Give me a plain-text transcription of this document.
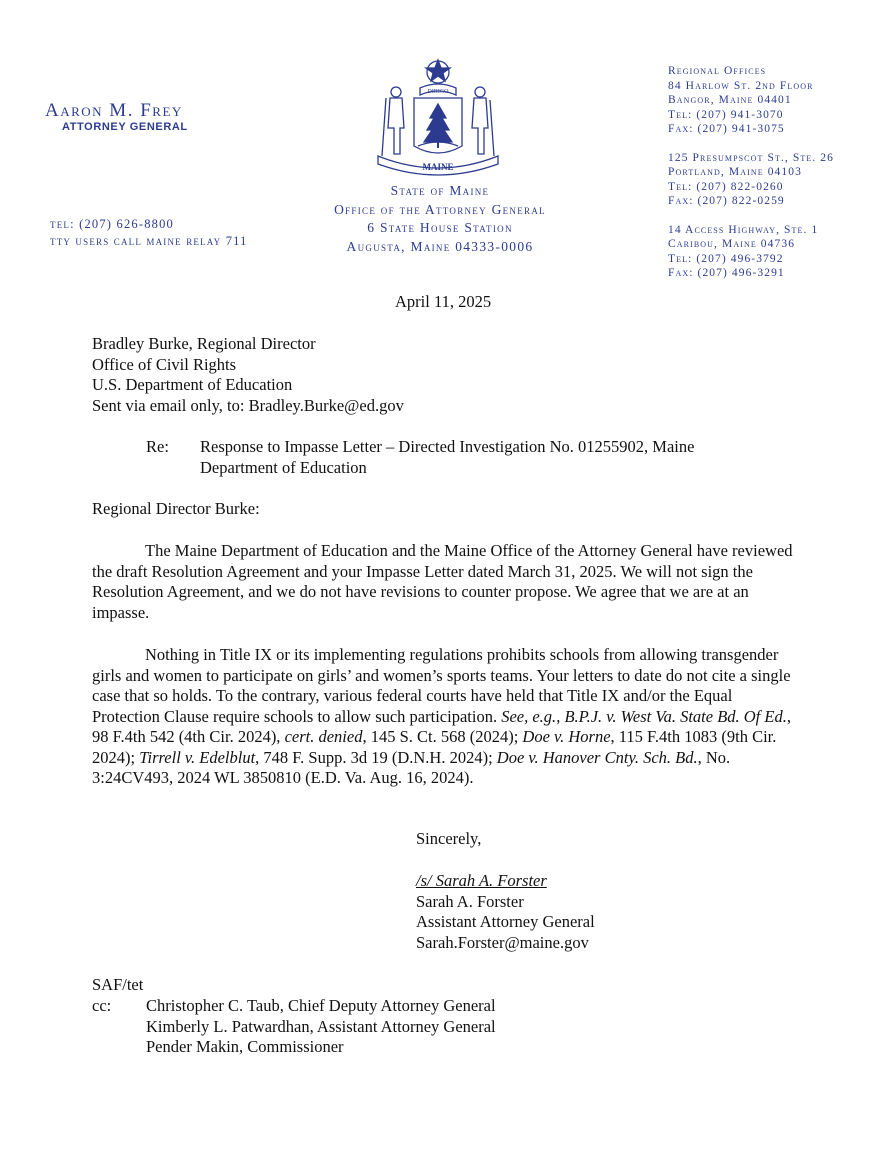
Aaron M. Frey
ATTORNEY GENERAL
tel: (207) 626-8800
tty users call maine relay 711
DIRIGO
MAINE
State of Maine
Office of the Attorney General
6 State House Station
Augusta, Maine 04333-0006
Regional Offices
84 Harlow St. 2nd Floor
Bangor, Maine 04401
Tel: (207) 941-3070
Fax: (207) 941-3075
125 Presumpscot St., Ste. 26
Portland, Maine 04103
Tel: (207) 822-0260
Fax: (207) 822-0259
14 Access Highway, Ste. 1
Caribou, Maine 04736
Tel: (207) 496-3792
Fax: (207) 496-3291
April 11, 2025
Bradley Burke, Regional Director
Office of Civil Rights
U.S. Department of Education
Sent via email only, to: Bradley.Burke@ed.gov
Re: Response to Impasse Letter – Directed Investigation No. 01255902, Maine
Department of Education
Regional Director Burke:
The Maine Department of Education and the Maine Office of the Attorney General have reviewed the draft Resolution Agreement and your Impasse Letter dated March 31, 2025. We will not sign the Resolution Agreement, and we do not have revisions to counter propose. We agree that we are at an impasse.
Nothing in Title IX or its implementing regulations prohibits schools from allowing transgender girls and women to participate on girls’ and women’s sports teams. Your letters to date do not cite a single case that so holds. To the contrary, various federal courts have held that Title IX and/or the Equal Protection Clause require schools to allow such participation. See, e.g., B.P.J. v. West Va. State Bd. Of Ed., 98 F.4th 542 (4th Cir. 2024), cert. denied, 145 S. Ct. 568 (2024); Doe v. Horne, 115 F.4th 1083 (9th Cir. 2024); Tirrell v. Edelblut, 748 F. Supp. 3d 19 (D.N.H. 2024); Doe v. Hanover Cnty. Sch. Bd., No. 3:24CV493, 2024 WL 3850810 (E.D. Va. Aug. 16, 2024).
Sincerely,
/s/ Sarah A. Forster
Sarah A. Forster
Assistant Attorney General
Sarah.Forster@maine.gov
SAF/tet
cc: Christopher C. Taub, Chief Deputy Attorney General
Kimberly L. Patwardhan, Assistant Attorney General
Pender Makin, Commissioner
